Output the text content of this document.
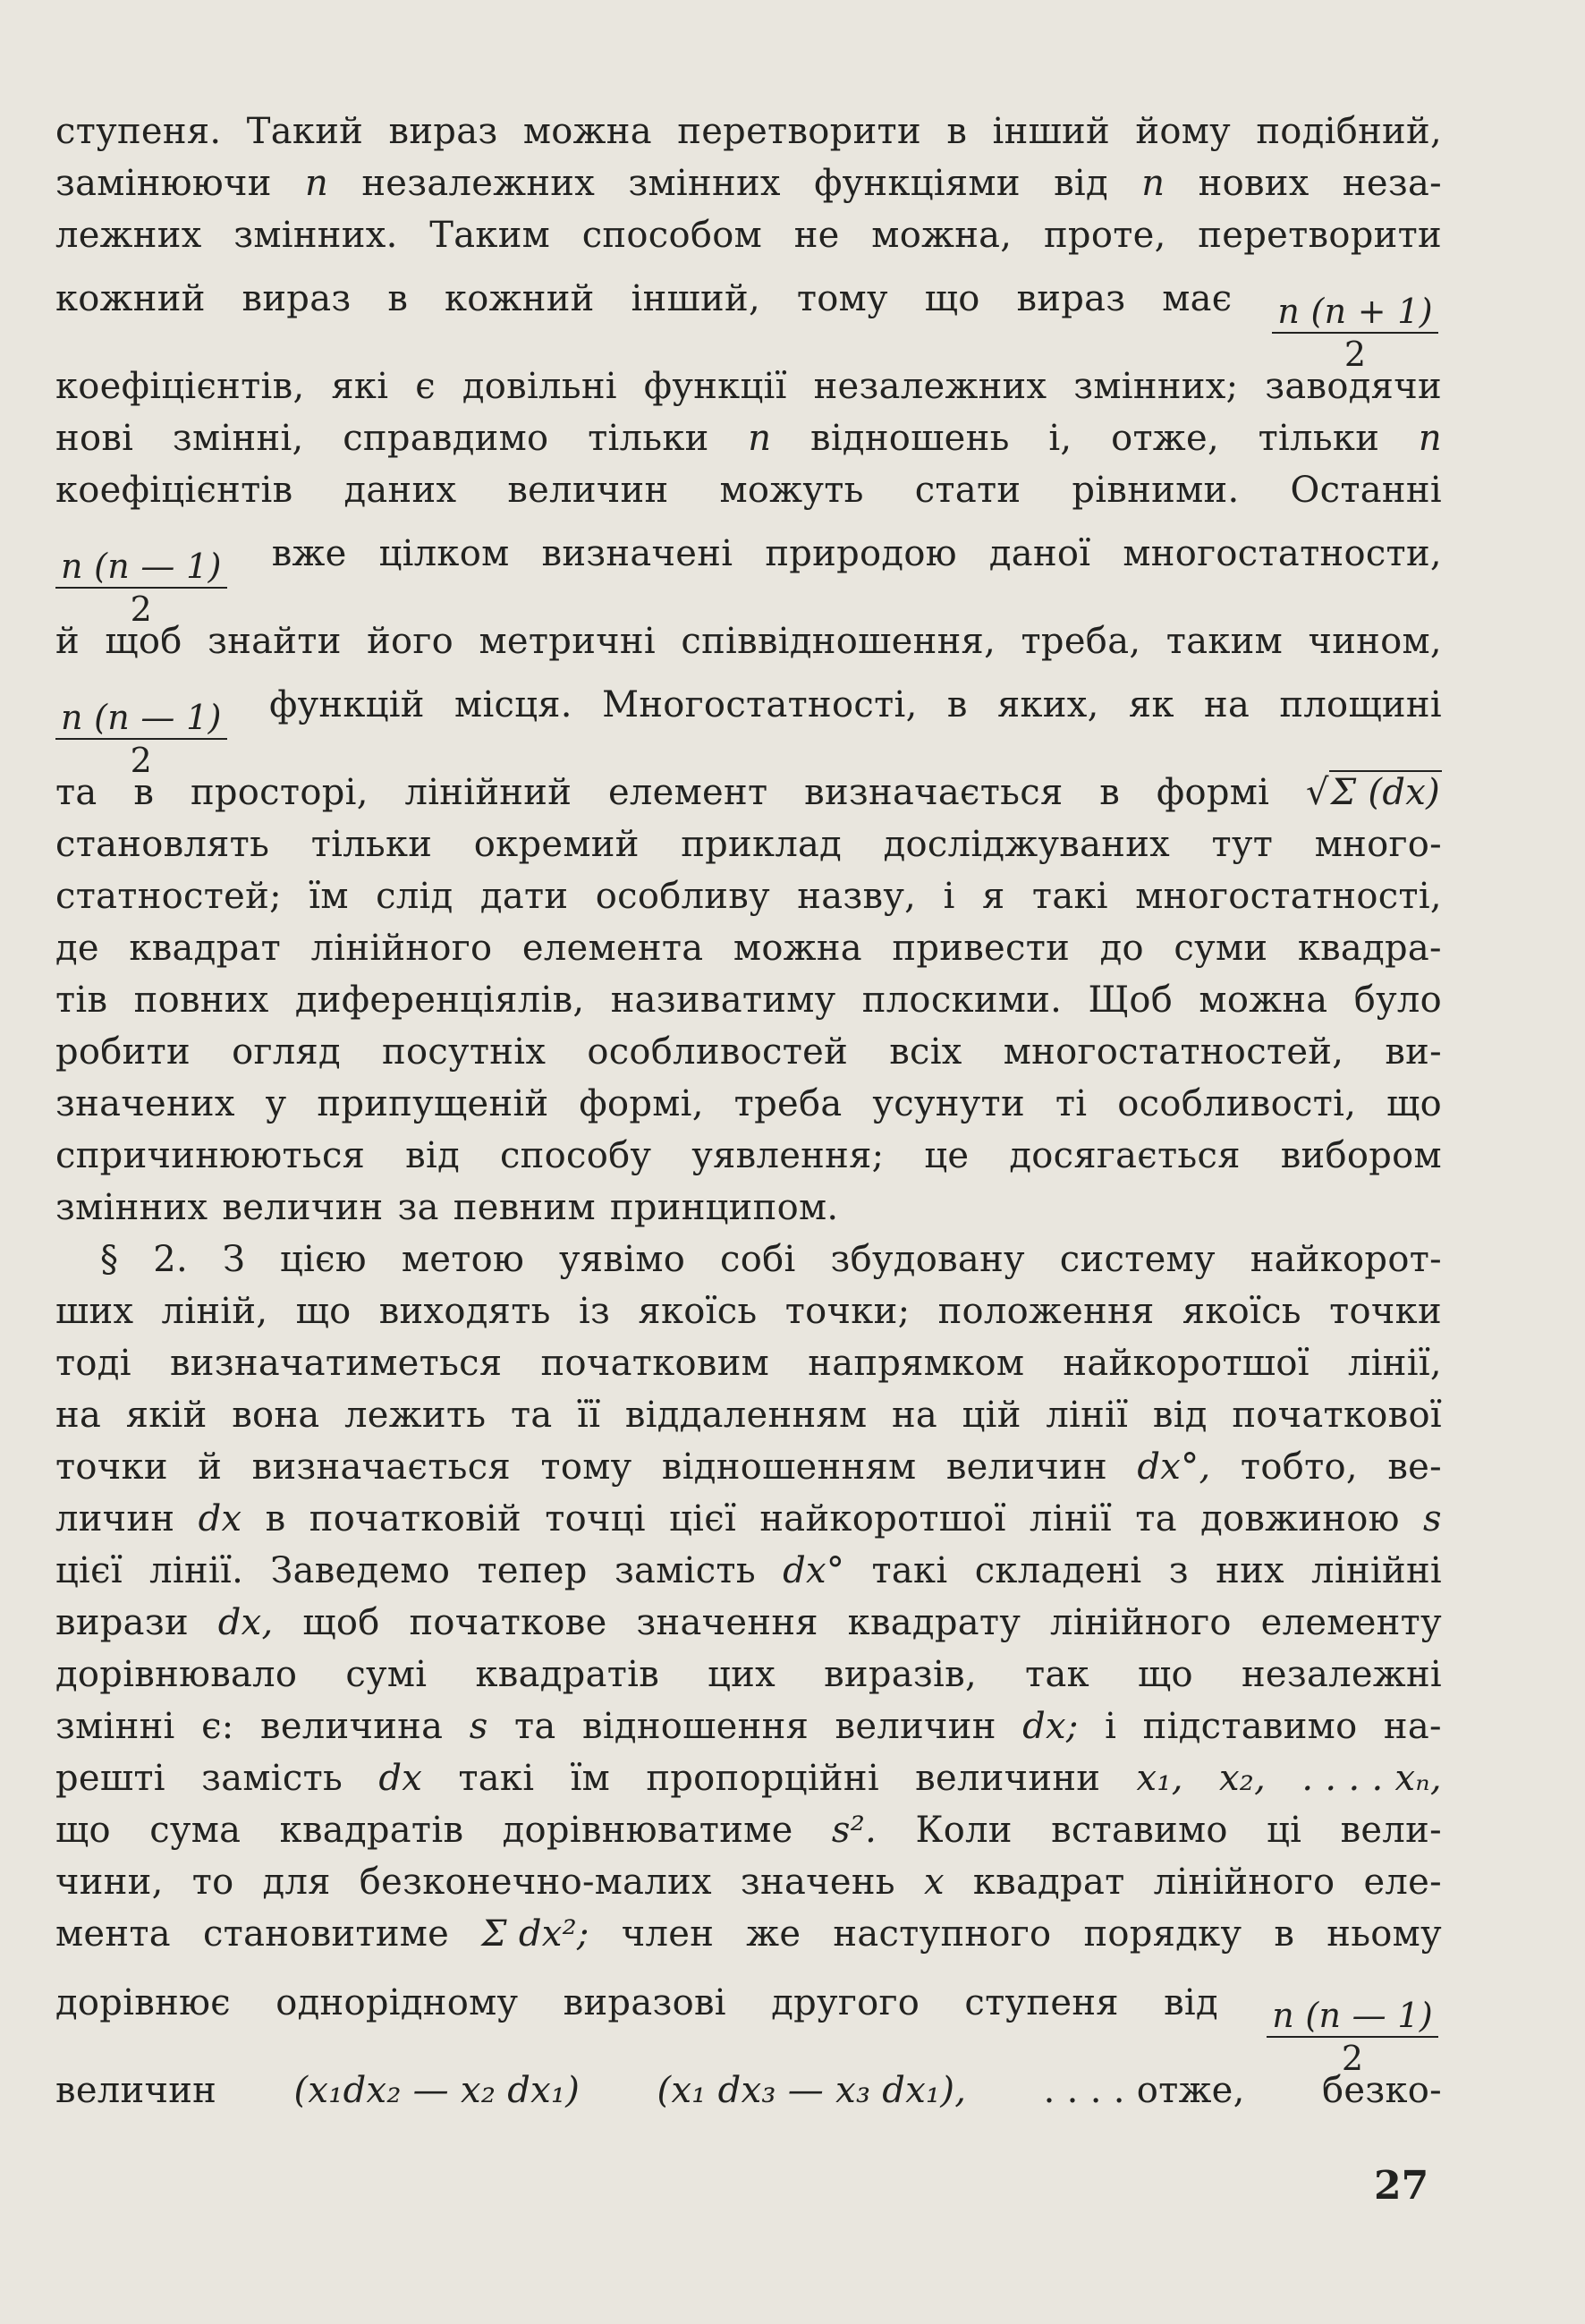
ступеня. Такий вираз можна перетворити в інший йому подібний,
замінюючи n незалежних змінних функціями від n нових неза-
лежних змінних. Таким способом не можна, проте, перетворити
кожний вираз в кожний інший, тому що вираз має $\frac{n (n + 1)}{2}$
коефіцієнтів, які є довільні функції незалежних змінних; заводячи
нові змінні, справдимо тільки n відношень і, отже, тільки n
коефіцієнтів даних величин можуть стати рівними. Останні
$\frac{n (n — 1)}{2}$ вже цілком визначені природою даної многостатности,
й щоб знайти його метричні співвідношення, треба, таким чином,
$\frac{n (n — 1)}{2}$ функцій місця. Многостатності, в яких, як на площині
та в просторі, лінійний елемент визначається в формі √Σ (dx)
становлять тільки окремий приклад досліджуваних тут много-
статностей; їм слід дати особливу назву, і я такі многостатності,
де квадрат лінійного елемента можна привести до суми квадра-
тів повних диференціялів, називатиму плоскими. Щоб можна було
робити огляд посутніх особливостей всіх многостатностей, ви-
значених у припущеній формі, треба усунути ті особливості, що
спричинюються від способу уявлення; це досягається вибором
змінних величин за певним принципом.
§ 2. З цією метою уявімо собі збудовану систему найкорот-
ших ліній, що виходять із якоїсь точки; положення якоїсь точки
тоді визначатиметься початковим напрямком найкоротшої лінії,
на якій вона лежить та її віддаленням на цій лінії від початкової
точки й визначається тому відношенням величин dx°, тобто, ве-
личин dx в початковій точці цієї найкоротшої лінії та довжиною s
цієї лінії. Заведемо тепер замість dx° такі складені з них лінійні
вирази dx, щоб початкове значення квадрату лінійного елементу
дорівнювало сумі квадратів цих виразів, так що незалежні
змінні є: величина s та відношення величин dx; і підставимо на-
решті замість dx такі їм пропорційні величини x₁, x₂, . . . . xₙ,
що сума квадратів дорівнюватиме s². Коли вставимо ці вели-
чини, то для безконечно-малих значень x квадрат лінійного еле-
мента становитиме Σ dx²; член же наступного порядку в ньому
дорівнює однорідному виразові другого ступеня від $\frac{n (n — 1)}{2}$
величин (x₁dx₂ — x₂ dx₁) (x₁ dx₃ — x₃ dx₁), . . . . отже, безко-
27
